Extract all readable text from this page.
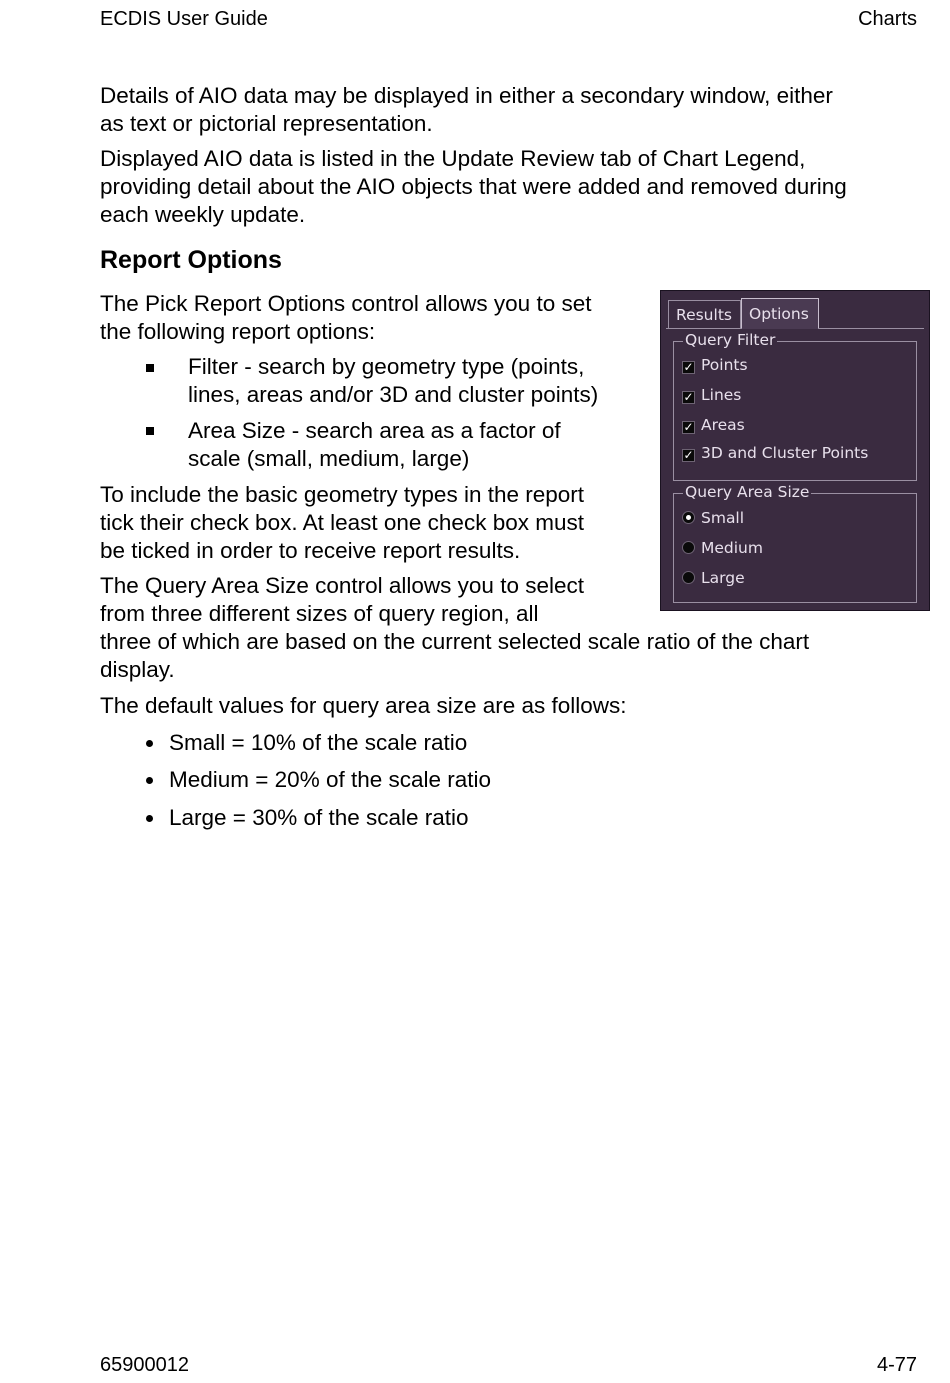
ECDIS User Guide	Charts
Details of AIO data may be displayed in either a secondary window, either
as text or pictorial representation.
Displayed AIO data is listed in the Update Review tab of Chart Legend,
providing detail about the AIO objects that were added and removed during
each weekly update.
Report Options
The Pick Report Options control allows you to set
the following report options:
Filter - search by geometry type (points,
lines, areas and/or 3D and cluster points)
Area Size - search area as a factor of
scale (small, medium, large)
To include the basic geometry types in the report
tick their check box. At least one check box must
be ticked in order to receive report results.
The Query Area Size control allows you to select
from three different sizes of query region, all
three of which are based on the current selected scale ratio of the chart
display.
The default values for query area size are as follows:
Small = 10% of the scale ratio
Medium = 20% of the scale ratio
Large = 30% of the scale ratio
Results	Options
Query Filter
✓ Points
✓ Lines
✓ Areas
✓ 3D and Cluster Points
Query Area Size
Small
Medium
Large
65900012	4-77
